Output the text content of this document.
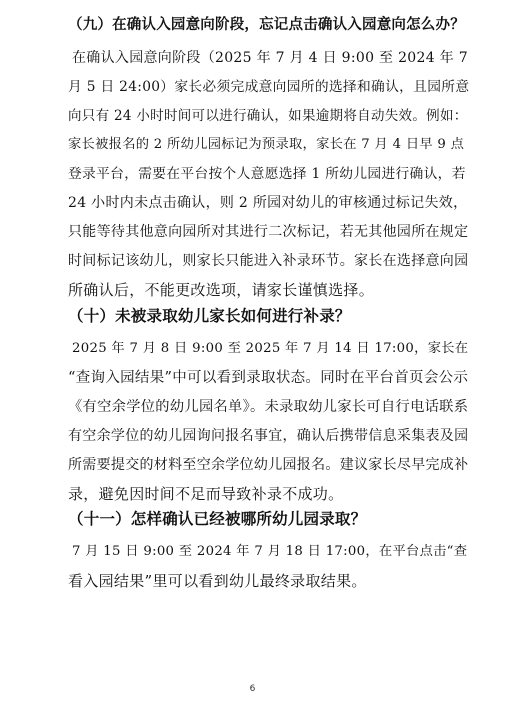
（九）在确认入园意向阶段，忘记点击确认入园意向怎么办？
在确认入园意向阶段（2025 年 7 月 4 日 9:00 至 2024 年 7
月 5 日 24:00）家长必须完成意向园所的选择和确认，且园所意
向只有 24 小时时间可以进行确认，如果逾期将自动失效。例如：
家长被报名的 2 所幼儿园标记为预录取，家长在 7 月 4 日早 9 点
登录平台，需要在平台按个人意愿选择 1 所幼儿园进行确认，若
24 小时内未点击确认，则 2 所园对幼儿的审核通过标记失效，
只能等待其他意向园所对其进行二次标记，若无其他园所在规定
时间标记该幼儿，则家长只能进入补录环节。家长在选择意向园
所确认后，不能更改选项，请家长谨慎选择。
（十）未被录取幼儿家长如何进行补录？
2025 年 7 月 8 日 9:00 至 2025 年 7 月 14 日 17:00，家长在
“查询入园结果”中可以看到录取状态。同时在平台首页会公示
《有空余学位的幼儿园名单》。未录取幼儿家长可自行电话联系
有空余学位的幼儿园询问报名事宜，确认后携带信息采集表及园
所需要提交的材料至空余学位幼儿园报名。建议家长尽早完成补
录，避免因时间不足而导致补录不成功。
（十一）怎样确认已经被哪所幼儿园录取？
7 月 15 日 9:00 至 2024 年 7 月 18 日 17:00，在平台点击“查
看入园结果”里可以看到幼儿最终录取结果。
6
